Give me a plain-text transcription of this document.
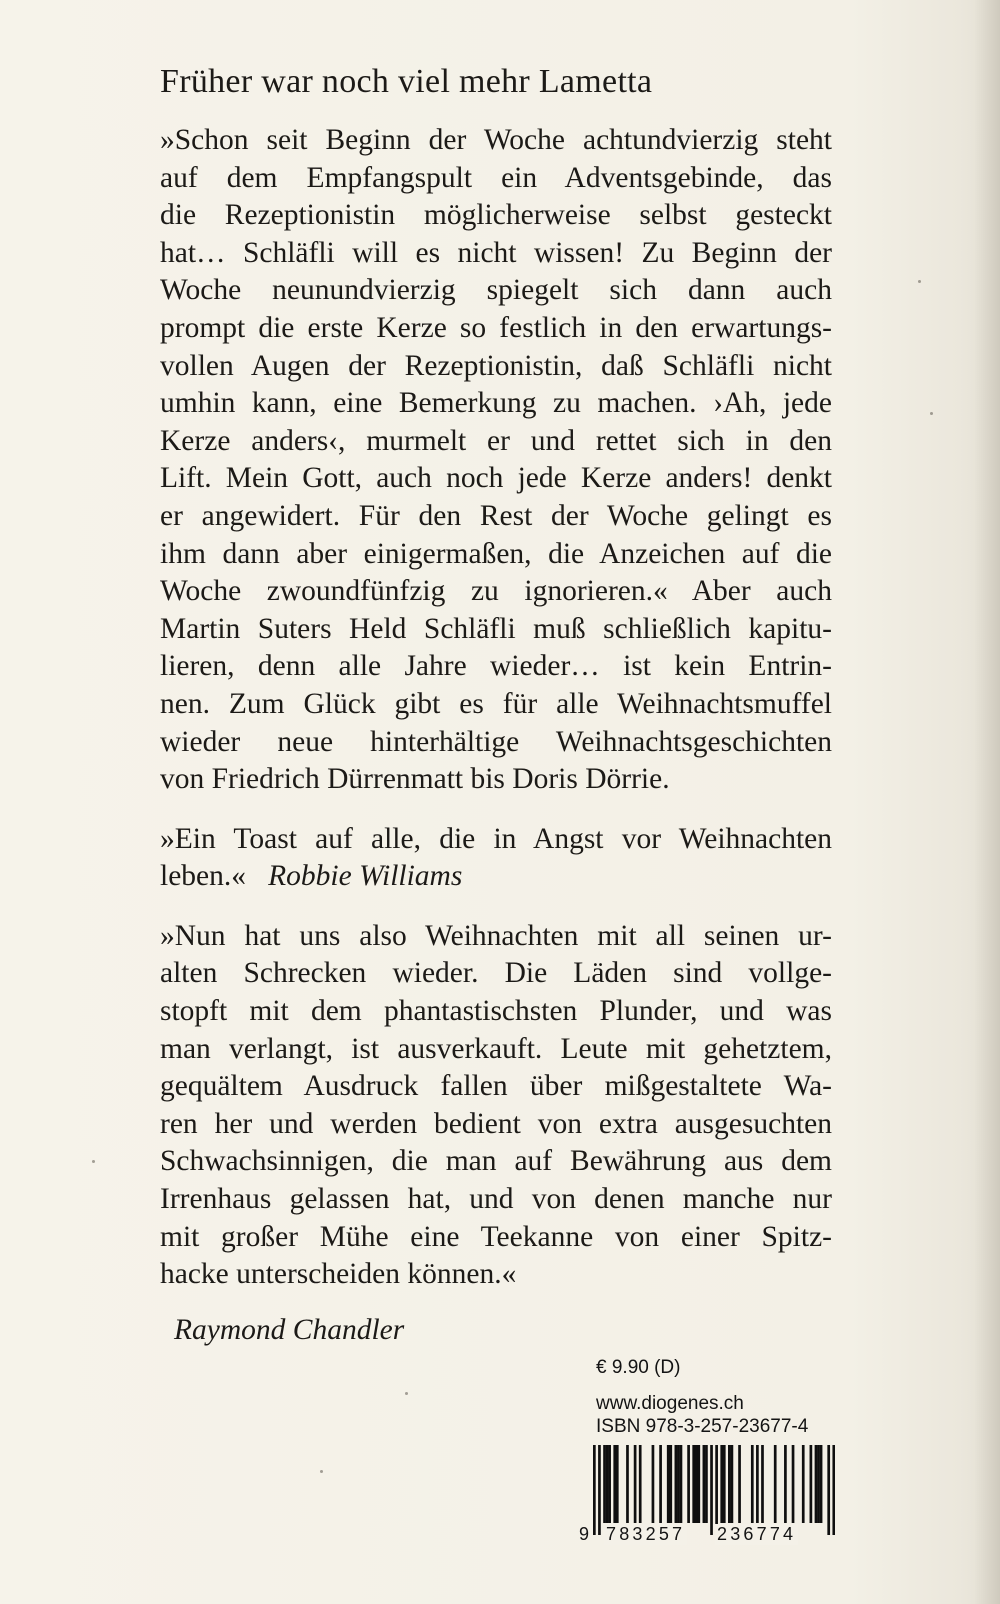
Früher war noch viel mehr Lametta
»Schon seit Beginn der Woche achtundvierzig steht
auf dem Empfangspult ein Adventsgebinde, das
die Rezeptionistin möglicherweise selbst gesteckt
hat… Schläfli will es nicht wissen! Zu Beginn der
Woche neunundvierzig spiegelt sich dann auch
prompt die erste Kerze so festlich in den erwartungs-
vollen Augen der Rezeptionistin, daß Schläfli nicht
umhin kann, eine Bemerkung zu machen. ›Ah, jede
Kerze anders‹, murmelt er und rettet sich in den
Lift. Mein Gott, auch noch jede Kerze anders! denkt
er angewidert. Für den Rest der Woche gelingt es
ihm dann aber einigermaßen, die Anzeichen auf die
Woche zwoundfünfzig zu ignorieren.« Aber auch
Martin Suters Held Schläfli muß schließlich kapitu-
lieren, denn alle Jahre wieder… ist kein Entrin-
nen. Zum Glück gibt es für alle Weihnachtsmuffel
wieder neue hinterhältige Weihnachtsgeschichten
von Friedrich Dürrenmatt bis Doris Dörrie.
»Ein Toast auf alle, die in Angst vor Weihnachten
leben.« Robbie Williams
»Nun hat uns also Weihnachten mit all seinen ur-
alten Schrecken wieder. Die Läden sind vollge-
stopft mit dem phantastischsten Plunder, und was
man verlangt, ist ausverkauft. Leute mit gehetztem,
gequältem Ausdruck fallen über mißgestaltete Wa-
ren her und werden bedient von extra ausgesuchten
Schwachsinnigen, die man auf Bewährung aus dem
Irrenhaus gelassen hat, und von denen manche nur
mit großer Mühe eine Teekanne von einer Spitz-
hacke unterscheiden können.«
Raymond Chandler
€ 9.90 (D)
www.diogenes.ch
ISBN 978-3-257-23677-4
9 783257 236774
